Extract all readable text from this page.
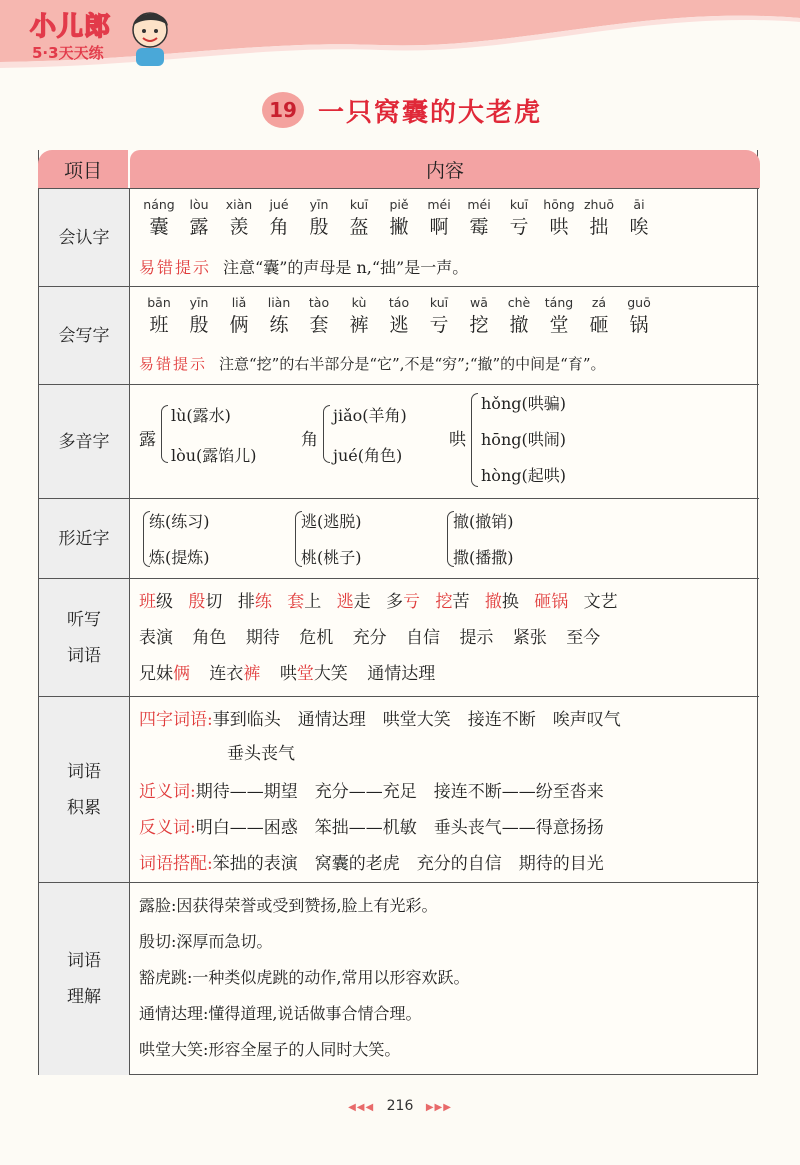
小儿郎
5·3天天练
19 一只窝囊的大老虎
项目	内容
会认字
náng
囊
lòu
露
xiàn
羡
jué
角
yīn
殷
kuī
盔
piě
撇
méi
啊
méi
霉
kuī
亏
hōng
哄
zhuō
拙
āi
唉
易错提示 注意“囊”的声母是 n,“拙”是一声。
会写字
bān
班
yīn
殷
liǎ
俩
liàn
练
tào
套
kù
裤
táo
逃
kuī
亏
wā
挖
chè
撤
táng
堂
zá
砸
guō
锅
易错提示 注意“挖”的右半部分是“它”,不是“穷”;“撤”的中间是“育”。
多音字	露
lù(露水)
lòu(露馅儿)
角
jiǎo(羊角)
jué(角色)
哄
hǒng(哄骗)
hōng(哄闹)
hòng(起哄)
形近字
练(练习)
炼(提炼)
逃(逃脱)
桃(桃子)
撤(撤销)
撒(播撒)
听写
词语
班级 殷切 排练 套上 逃走 多亏 挖苦 撤换 砸锅 文艺
表演 角色 期待 危机 充分 自信 提示 紧张 至今
兄妹俩 连衣裤 哄堂大笑 通情达理
词语
积累
四字词语:事到临头　通情达理　哄堂大笑　接连不断　唉声叹气
垂头丧气
近义词:期待——期望　充分——充足　接连不断——纷至沓来
反义词:明白——困惑　笨拙——机敏　垂头丧气——得意扬扬
词语搭配:笨拙的表演　窝囊的老虎　充分的自信　期待的目光
词语
理解
露脸:因获得荣誉或受到赞扬,脸上有光彩。
殷切:深厚而急切。
豁虎跳:一种类似虎跳的动作,常用以形容欢跃。
通情达理:懂得道理,说话做事合情合理。
哄堂大笑:形容全屋子的人同时大笑。
◀◀◀ 216 ▶▶▶
